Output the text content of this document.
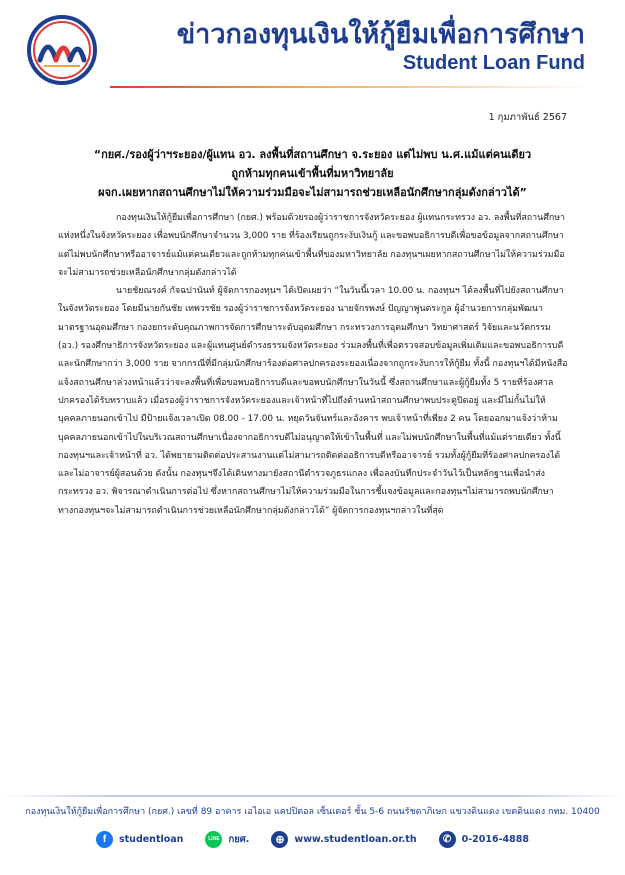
ข่าวกองทุนเงินให้กู้ยืมเพื่อการศึกษา
Student Loan Fund
1 กุมภาพันธ์ 2567
“กยศ./รองผู้ว่าฯระยอง/ผู้แทน อว. ลงพื้นที่สถานศึกษา จ.ระยอง แต่ไม่พบ น.ศ.แม้แต่คนเดียว
ถูกห้ามทุกคนเข้าพื้นที่มหาวิทยาลัย
ผจก.เผยหากสถานศึกษาไม่ให้ความร่วมมือจะไม่สามารถช่วยเหลือนักศึกษากลุ่มดังกล่าวได้”

กองทุนเงินให้กู้ยืมเพื่อการศึกษา (กยศ.) พร้อมด้วยรองผู้ว่าราชการจังหวัดระยอง ผู้แทนกระทรวง อว. ลงพื้นที่สถานศึกษาแห่งหนึ่งในจังหวัดระยอง เพื่อพบนักศึกษาจำนวน 3,000 ราย ที่ร้องเรียนถูกระงับเงินกู้ และขอพบอธิการบดีเพื่อขอข้อมูลจากสถานศึกษา แต่ไม่พบนักศึกษาหรืออาจารย์แม้แต่คนเดียวและถูกห้ามทุกคนเข้าพื้นที่ของมหาวิทยาลัย กองทุนฯเผยหากสถานศึกษาไม่ให้ความร่วมมือจะไม่สามารถช่วยเหลือนักศึกษากลุ่มดังกล่าวได้

นายชัยณรงค์ กัจฉปานันท์ ผู้จัดการกองทุนฯ ได้เปิดเผยว่า “ในวันนี้เวลา 10.00 น. กองทุนฯ ได้ลงพื้นที่ไปยังสถานศึกษาในจังหวัดระยอง โดยมีนายกันชัย เทพวรชัย รองผู้ว่าราชการจังหวัดระยอง นายจักรพงษ์ ปัญญาพูนตระกูล ผู้อำนวยการกลุ่มพัฒนามาตรฐานอุดมศึกษา กองยกระดับคุณภาพการจัดการศึกษาระดับอุดมศึกษา กระทรวงการอุดมศึกษา วิทยาศาสตร์ วิจัยและนวัตกรรม (อว.) รองศึกษาธิการจังหวัดระยอง และผู้แทนศูนย์ดำรงธรรมจังหวัดระยอง ร่วมลงพื้นที่เพื่อตรวจสอบข้อมูลเพิ่มเติมและขอพบอธิการบดีและนักศึกษากว่า 3,000 ราย จากกรณีที่มีกลุ่มนักศึกษาร้องต่อศาลปกครองระยองเนื่องจากถูกระงับการให้กู้ยืม ทั้งนี้ กองทุนฯได้มีหนังสือแจ้งสถานศึกษาล่วงหน้าแล้วว่าจะลงพื้นที่เพื่อขอพบอธิการบดีและขอพบนักศึกษาในวันนี้ ซึ่งสถานศึกษาและผู้กู้ยืมทั้ง 5 รายที่ร้องศาลปกครองได้รับทราบแล้ว เมื่อรองผู้ว่าราชการจังหวัดระยองและเจ้าหน้าที่ไปถึงด้านหน้าสถานศึกษาพบประตูปิดอยู่ และมีไม่กั้นไม่ให้บุคคลภายนอกเข้าไป มีป้ายแจ้งเวลาเปิด 08.00 - 17.00 น. หยุดวันจันทร์และอังคาร พบเจ้าหน้าที่เพียง 2 คน โดยออกมาแจ้งว่าห้ามบุคคลภายนอกเข้าไปในบริเวณสถานศึกษาเนื่องจากอธิการบดีไม่อนุญาตให้เข้าในพื้นที่ และไม่พบนักศึกษาในพื้นที่แม้แต่รายเดียว ทั้งนี้ กองทุนฯและเจ้าหน้าที่ อว. ได้พยายามติดต่อประสานงานแต่ไม่สามารถติดต่ออธิการบดีหรืออาจารย์ รวมทั้งผู้กู้ยืมที่ร้องศาลปกครองได้ และไม่อาจารย์ผู้สอนด้วย ดังนั้น กองทุนฯจึงได้เดินทางมายังสถานีตำรวจภูธรแกลง เพื่อลงบันทึกประจำวันไว้เป็นหลักฐานเพื่อนำส่งกระทรวง อว. พิจารณาดำเนินการต่อไป ซึ่งหากสถานศึกษาไม่ให้ความร่วมมือในการชี้แจงข้อมูลและกองทุนฯไม่สามารถพบนักศึกษาทางกองทุนฯจะไม่สามารถดำเนินการช่วยเหลือนักศึกษากลุ่มดังกล่าวได้” ผู้จัดการกองทุนฯกล่าวในที่สุด

กองทุนเงินให้กู้ยืมเพื่อการศึกษา (กยศ.) เลขที่ 89 อาคาร เอไอเอ แคปปิตอล เซ็นเตอร์ ชั้น 5-6 ถนนรัชดาภิเษก แขวงดินแดง เขตดินแดง กทม. 10400
f	studentloan	LINE กยศ.	⊕	www.studentloan.or.th	✆	0-2016-4888
